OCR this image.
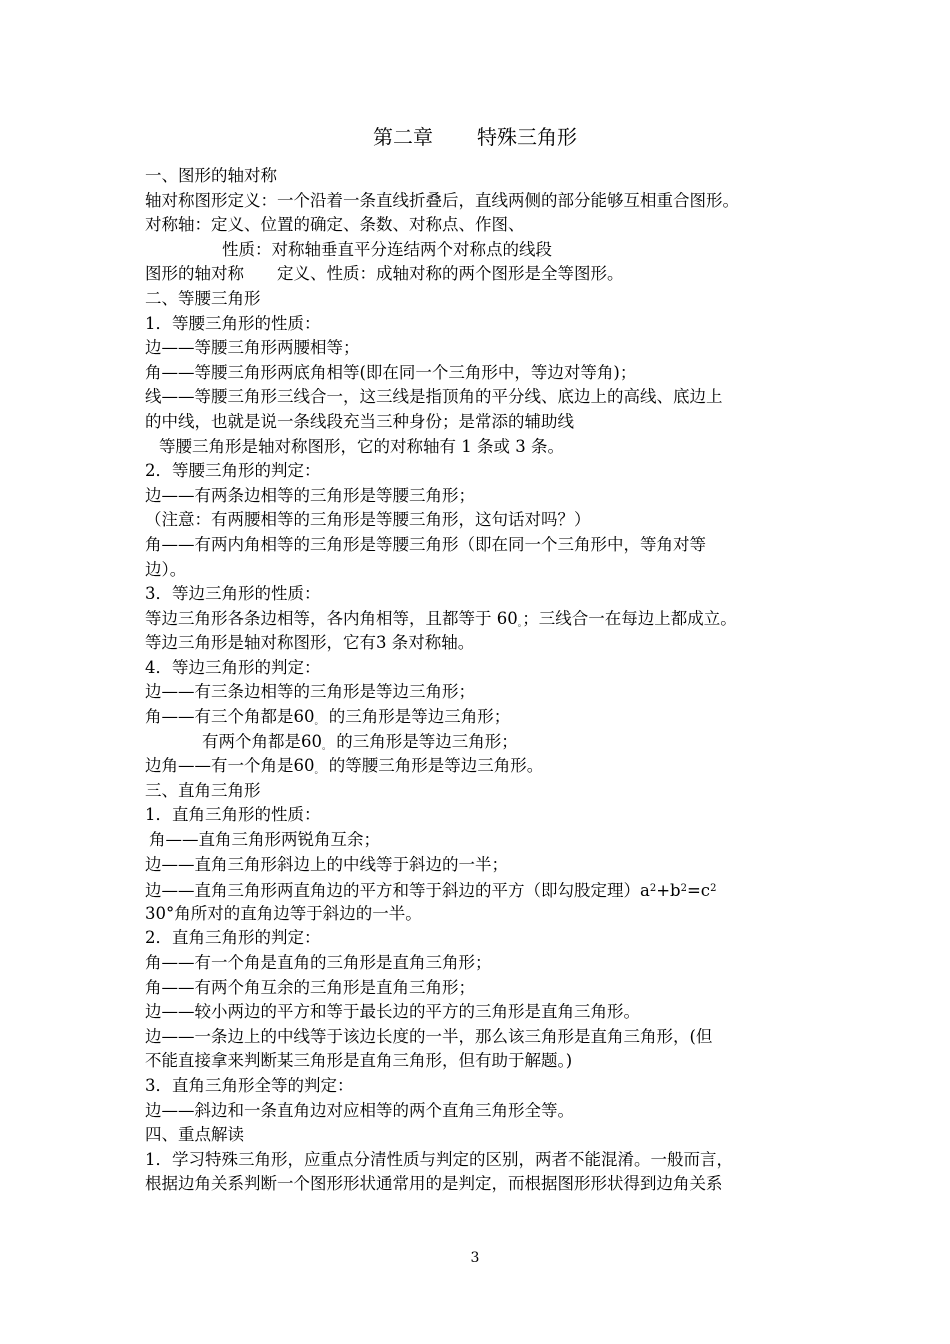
第二章 特殊三角形
一、图形的轴对称
轴对称图形定义：一个沿着一条直线折叠后，直线两侧的部分能够互相重合图形。
对称轴：定义、位置的确定、条数、对称点、作图、
性质：对称轴垂直平分连结两个对称点的线段
图形的轴对称　　定义、性质：成轴对称的两个图形是全等图形。
二、等腰三角形
1．等腰三角形的性质：
边——等腰三角形两腰相等；
角——等腰三角形两底角相等(即在同一个三角形中，等边对等角)；
线——等腰三角形三线合一，这三线是指顶角的平分线、底边上的高线、底边上
的中线，也就是说一条线段充当三种身份；是常添的辅助线
等腰三角形是轴对称图形，它的对称轴有 1 条或 3 条。
2．等腰三角形的判定：
边——有两条边相等的三角形是等腰三角形；
（注意：有两腰相等的三角形是等腰三角形，这句话对吗？）
角——有两内角相等的三角形是等腰三角形（即在同一个三角形中，等角对等
边）。
3．等边三角形的性质：
等边三角形各条边相等，各内角相等，且都等于 60。；三线合一在每边上都成立。
等边三角形是轴对称图形，它有3 条对称轴。
4．等边三角形的判定：
边——有三条边相等的三角形是等边三角形；
角——有三个角都是60。 的三角形是等边三角形；
有两个角都是60。 的三角形是等边三角形；
边角——有一个角是60。 的等腰三角形是等边三角形。
三、直角三角形
1．直角三角形的性质：
角——直角三角形两锐角互余；
边——直角三角形斜边上的中线等于斜边的一半；
边——直角三角形两直角边的平方和等于斜边的平方（即勾股定理）$a^2+b^2=c^2$
30°角所对的直角边等于斜边的一半。
2．直角三角形的判定：
角——有一个角是直角的三角形是直角三角形；
角——有两个角互余的三角形是直角三角形；
边——较小两边的平方和等于最长边的平方的三角形是直角三角形。
边——一条边上的中线等于该边长度的一半，那么该三角形是直角三角形，(但
不能直接拿来判断某三角形是直角三角形，但有助于解题。)
3．直角三角形全等的判定：
边——斜边和一条直角边对应相等的两个直角三角形全等。
四、重点解读
1．学习特殊三角形，应重点分清性质与判定的区别，两者不能混淆。一般而言，
根据边角关系判断一个图形形状通常用的是判定，而根据图形形状得到边角关系
3
